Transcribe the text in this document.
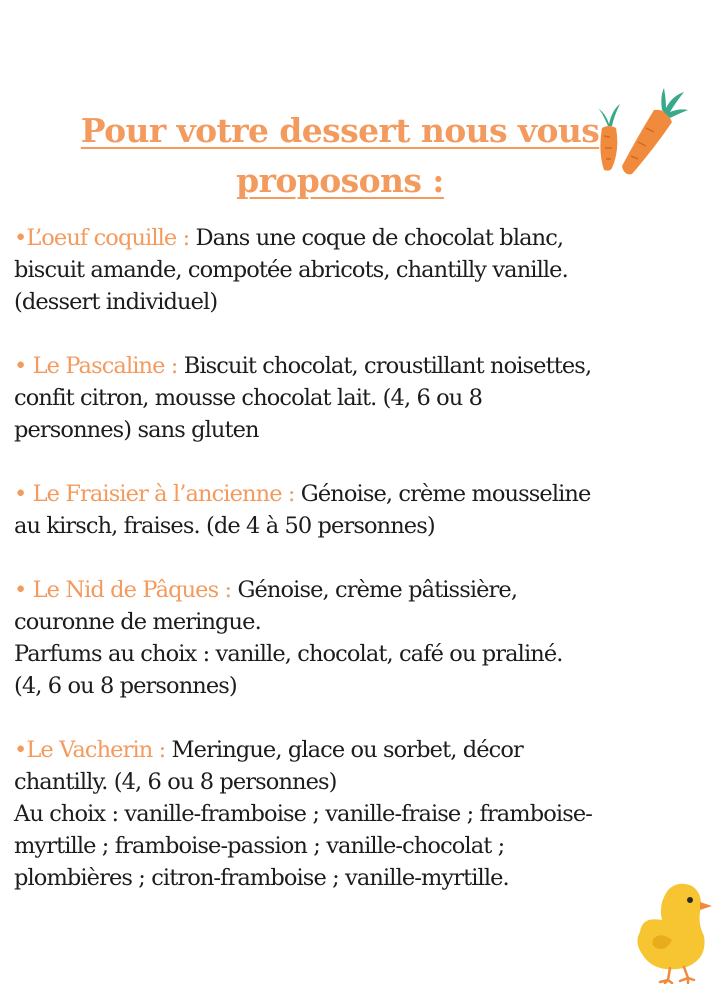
Pour votre dessert nous vous
proposons :

•L’oeuf coquille : Dans une coque de chocolat blanc,
biscuit amande, compotée abricots, chantilly vanille.
(dessert individuel)

• Le Pascaline : Biscuit chocolat, croustillant noisettes,
confit citron, mousse chocolat lait. (4, 6 ou 8
personnes) sans gluten

• Le Fraisier à l’ancienne : Génoise, crème mousseline
au kirsch, fraises. (de 4 à 50 personnes)

• Le Nid de Pâques : Génoise, crème pâtissière,
couronne de meringue.
Parfums au choix : vanille, chocolat, café ou praliné.
(4, 6 ou 8 personnes)

•Le Vacherin : Meringue, glace ou sorbet, décor
chantilly. (4, 6 ou 8 personnes)
Au choix : vanille-framboise ; vanille-fraise ; framboise-
myrtille ; framboise-passion ; vanille-chocolat ;
plombières ; citron-framboise ; vanille-myrtille.
